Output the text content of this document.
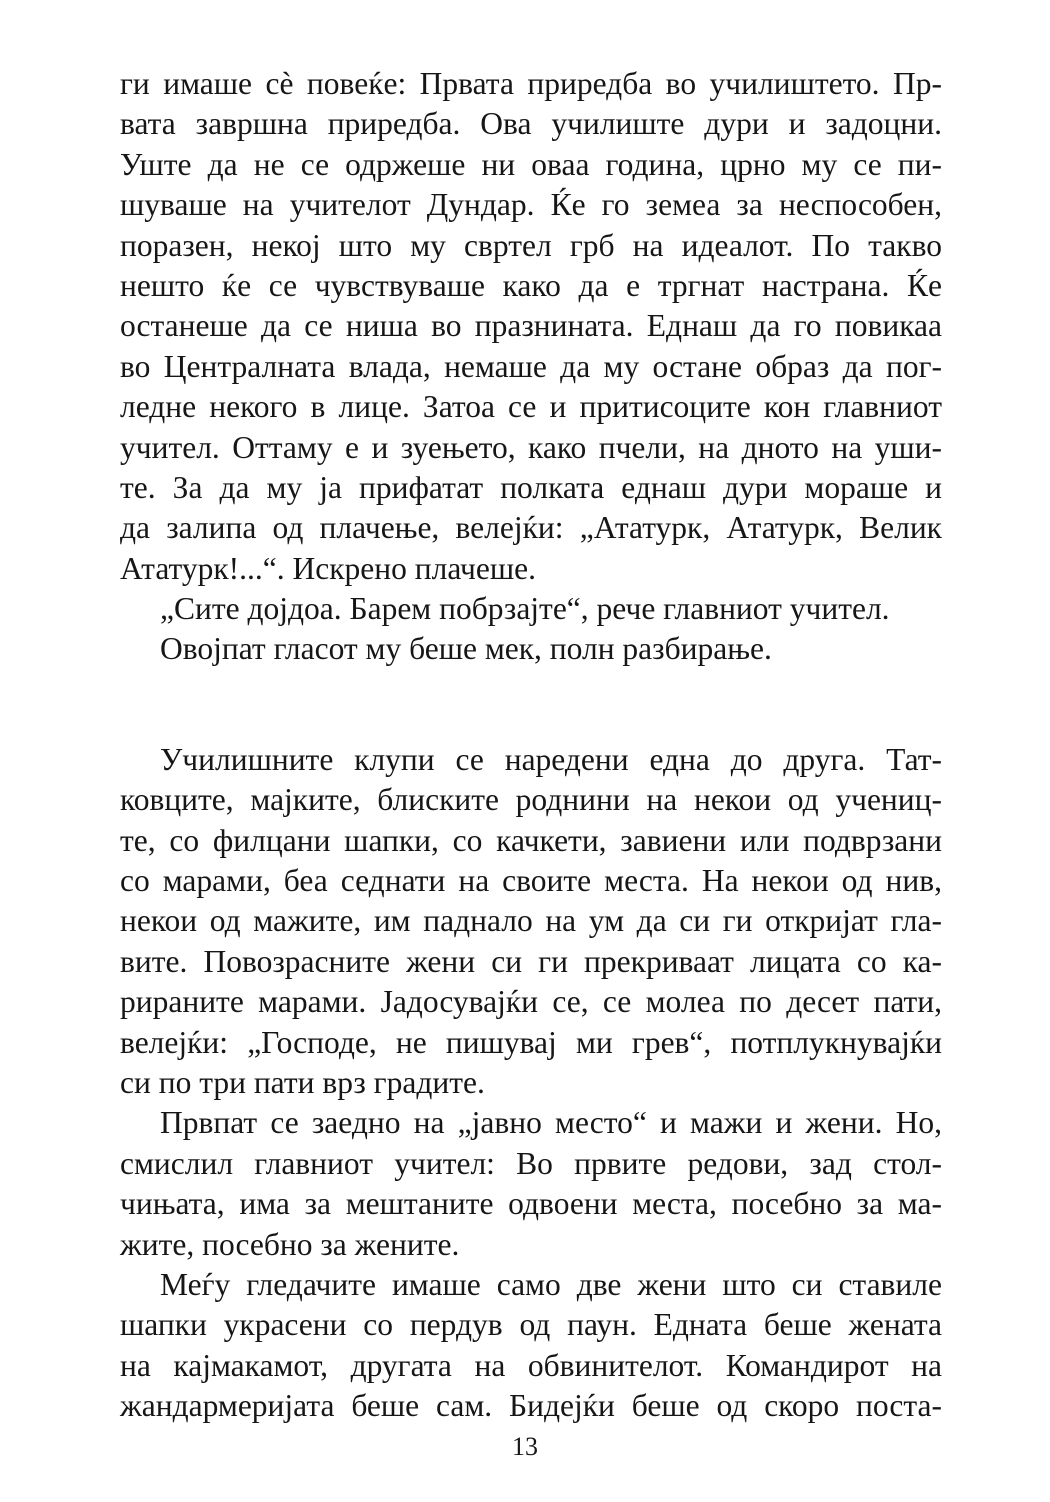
ги имаше сè повеќе: Првата приредба во училиштето. Пр-
вата завршна приредба. Ова училиште дури и задоцни.
Уште да не се одржеше ни оваа година, црно му се пи-
шуваше на учителот Дундар. Ќе го земеа за неспособен,
поразен, некој што му свртел грб на идеалот. По такво
нешто ќе се чувствуваше како да е тргнат настрана. Ќе
останеше да се ниша во празнината. Еднаш да го повикаа
во Централната влада, немаше да му остане образ да пог-
ледне некого в лице. Затоа се и притисоците кон главниот
учител. Оттаму е и зуењето, како пчели, на дното на уши-
те. За да му ја прифатат полката еднаш дури мораше и
да залипа од плачење, велејќи: „Ататурк, Ататурк, Велик
Ататурк!...“. Искрено плачеше.
„Сите дојдоа. Барем побрзајте“, рече главниот учител.
Овојпат гласот му беше мек, полн разбирање.
Училишните клупи се наредени една до друга. Тат-
ковците, мајките, блиските роднини на некои од учениц-
те, со филцани шапки, со качкети, завиени или подврзани
со марами, беа седнати на своите места. На некои од нив,
некои од мажите, им паднало на ум да си ги откријат гла-
вите. Повозрасните жени си ги прекриваат лицата со ка-
рираните марами. Јадосувајќи се, се молеа по десет пати,
велејќи: „Господе, не пишувај ми грев“, потплукнувајќи
си по три пати врз градите.
Првпат се заедно на „јавно место“ и мажи и жени. Но,
смислил главниот учител: Во првите редови, зад стол-
чињата, има за мештаните одвоени места, посебно за ма-
жите, посебно за жените.
Меѓу гледачите имаше само две жени што си ставиле
шапки украсени со пердув од паун. Едната беше жената
на кајмакамот, другата на обвинителот. Командирот на
жандармеријата беше сам. Бидејќи беше од скоро поста-
13
